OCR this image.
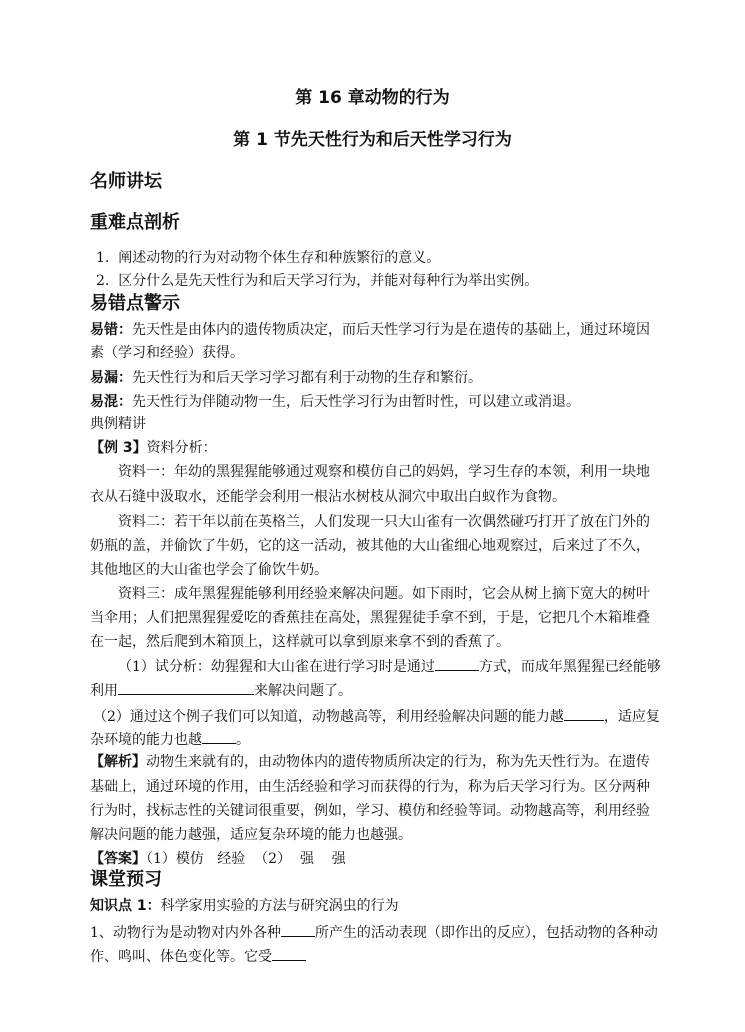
第 16 章动物的行为
第 1 节先天性行为和后天性学习行为
名师讲坛
重难点剖析
1.  阐述动物的行为对动物个体生存和种族繁衍的意义。
2.  区分什么是先天性行为和后天学习行为，并能对每种行为举出实例。
易错点警示
易错：先天性是由体内的遗传物质决定，而后天性学习行为是在遗传的基础上，通过环境因
素（学习和经验）获得。
易漏：先天性行为和后天学习学习都有利于动物的生存和繁衍。
易混：先天性行为伴随动物一生，后天性学习行为由暂时性，可以建立或消退。
典例精讲
【例 3】资料分析：
资料一：年幼的黑猩猩能够通过观察和模仿自己的妈妈，学习生存的本领，利用一块地
衣从石缝中汲取水，还能学会利用一根沾水树枝从洞穴中取出白蚁作为食物。
资料二：若干年以前在英格兰，人们发现一只大山雀有一次偶然碰巧打开了放在门外的
奶瓶的盖，并偷饮了牛奶，它的这一活动，被其他的大山雀细心地观察过，后来过了不久，
其他地区的大山雀也学会了偷饮牛奶。
资料三：成年黑猩猩能够利用经验来解决问题。如下雨时，它会从树上摘下宽大的树叶
当伞用；人们把黑猩猩爱吃的香蕉挂在高处，黑猩猩徒手拿不到，于是，它把几个木箱堆叠
在一起，然后爬到木箱顶上，这样就可以拿到原来拿不到的香蕉了。
（1）试分析：幼猩猩和大山雀在进行学习时是通过	方式，而成年黑猩猩已经能够
利用	来解决问题了。
（2）通过这个例子我们可以知道，动物越高等，利用经验解决问题的能力越	，适应复
杂环境的能力也越 。
【解析】动物生来就有的，由动物体内的遗传物质所决定的行为，称为先天性行为。在遗传
基础上，通过环境的作用，由生活经验和学习而获得的行为，称为后天学习行为。区分两种
行为时，找标志性的关键词很重要，例如，学习、模仿和经验等词。动物越高等，利用经验
解决问题的能力越强，适应复杂环境的能力也越强。
【答案】（1）模仿   经验  （2）  强    强
课堂预习
知识点 1：科学家用实验的方法与研究涡虫的行为
1、动物行为是动物对内外各种 所产生的活动表现（即作出的反应），包括动物的各种动
作、鸣叫、体色变化等。它受
